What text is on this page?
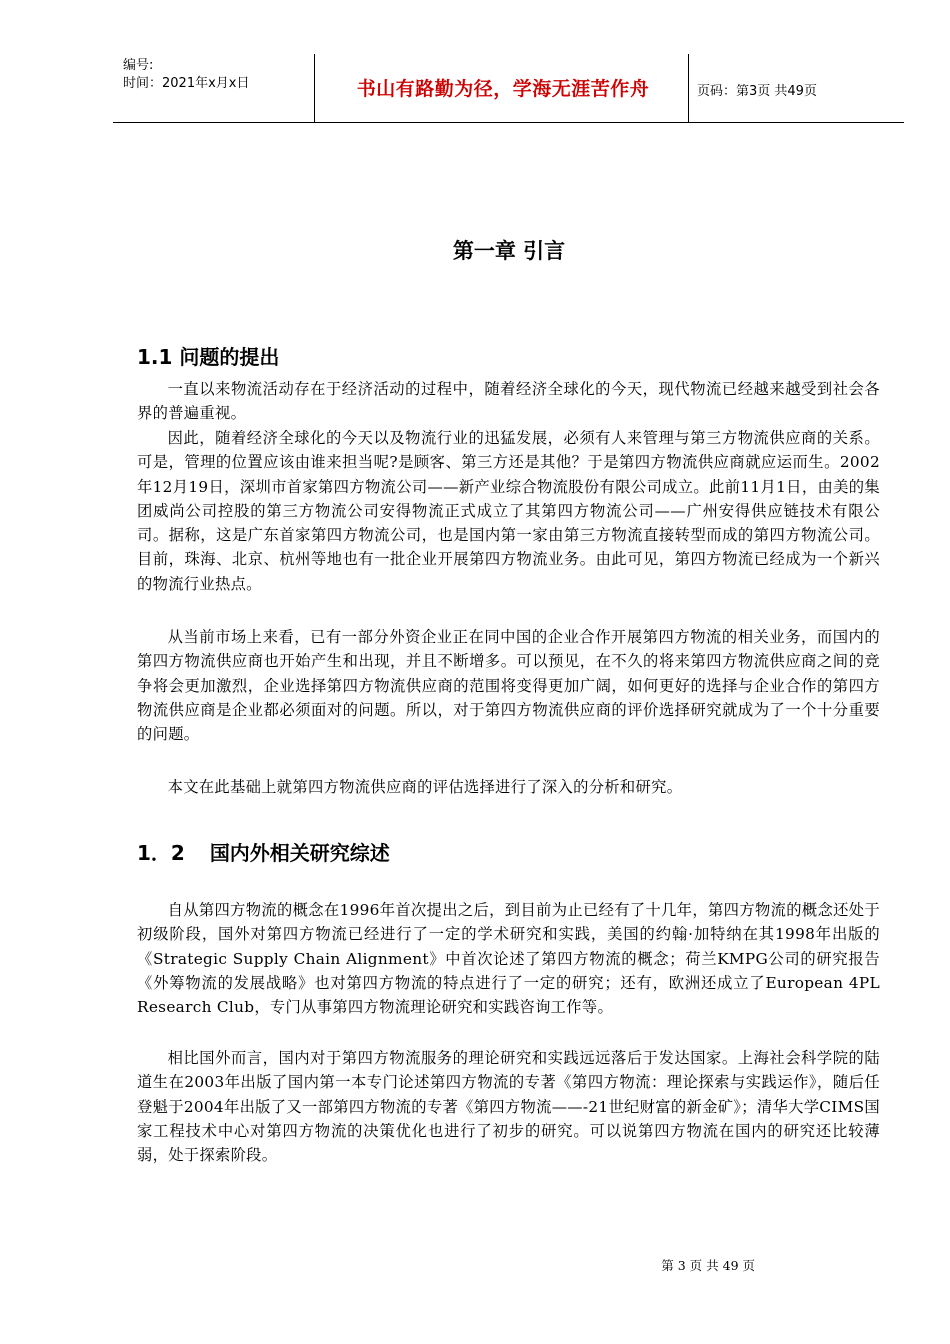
编号:
时间：2021年x月x日	书山有路勤为径，学海无涯苦作舟	页码：第3页 共49页
第一章 引言
1.1 问题的提出

一直以来物流活动存在于经济活动的过程中，随着经济全球化的今天，现代物流已经越来越受到社会各界的普遍重视。

因此，随着经济全球化的今天以及物流行业的迅猛发展，必须有人来管理与第三方物流供应商的关系。可是，管理的位置应该由谁来担当呢?是顾客、第三方还是其他？于是第四方物流供应商就应运而生。2002年12月19日，深圳市首家第四方物流公司——新产业综合物流股份有限公司成立。此前11月1日，由美的集团威尚公司控股的第三方物流公司安得物流正式成立了其第四方物流公司——广州安得供应链技术有限公司。据称，这是广东首家第四方物流公司，也是国内第一家由第三方物流直接转型而成的第四方物流公司。目前，珠海、北京、杭州等地也有一批企业开展第四方物流业务。由此可见，第四方物流已经成为一个新兴的物流行业热点。

从当前市场上来看，已有一部分外资企业正在同中国的企业合作开展第四方物流的相关业务，而国内的第四方物流供应商也开始产生和出现，并且不断增多。可以预见，在不久的将来第四方物流供应商之间的竞争将会更加激烈，企业选择第四方物流供应商的范围将变得更加广阔，如何更好的选择与企业合作的第四方物流供应商是企业都必须面对的问题。所以，对于第四方物流供应商的评价选择研究就成为了一个十分重要的问题。

本文在此基础上就第四方物流供应商的评估选择进行了深入的分析和研究。

1．2 国内外相关研究综述

自从第四方物流的概念在1996年首次提出之后，到目前为止已经有了十几年，第四方物流的概念还处于初级阶段，国外对第四方物流已经进行了一定的学术研究和实践，美国的约翰·加特纳在其1998年出版的《Strategic Supply Chain Alignment》中首次论述了第四方物流的概念；荷兰KMPG公司的研究报告《外筹物流的发展战略》也对第四方物流的特点进行了一定的研究；还有，欧洲还成立了European 4PL Research Club，专门从事第四方物流理论研究和实践咨询工作等。

相比国外而言，国内对于第四方物流服务的理论研究和实践远远落后于发达国家。上海社会科学院的陆道生在2003年出版了国内第一本专门论述第四方物流的专著《第四方物流：理论探索与实践运作》，随后任登魁于2004年出版了又一部第四方物流的专著《第四方物流——-21世纪财富的新金矿》；清华大学CIMS国家工程技术中心对第四方物流的决策优化也进行了初步的研究。可以说第四方物流在国内的研究还比较薄弱，处于探索阶段。

第 3 页 共 49 页
